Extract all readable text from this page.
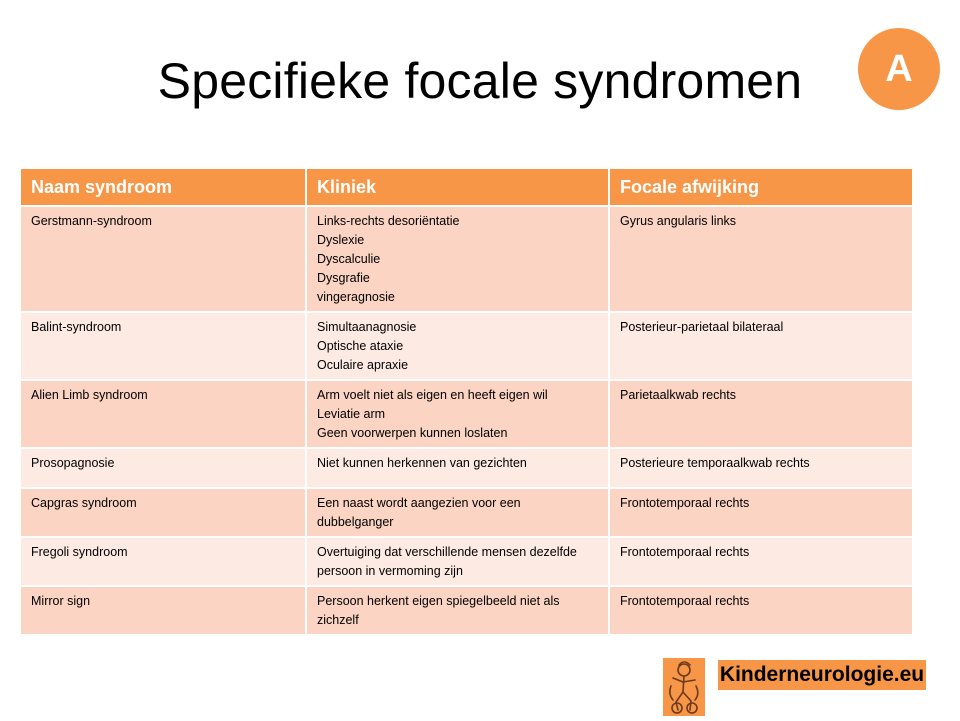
Specifieke focale syndromen	A
Naam syndroom	Kliniek	Focale afwijking
Gerstmann-syndroom	Links-rechts desoriëntatie
Dyslexie
Dyscalculie
Dysgrafie
vingeragnosie	Gyrus angularis links
Balint-syndroom	Simultaanagnosie
Optische ataxie
Oculaire apraxie	Posterieur-parietaal bilateraal
Alien Limb syndroom	Arm voelt niet als eigen en heeft eigen wil
Leviatie arm
Geen voorwerpen kunnen loslaten	Parietaalkwab rechts
Prosopagnosie	Niet kunnen herkennen van gezichten	Posterieure temporaalkwab rechts
Capgras syndroom	Een naast wordt aangezien voor een dubbelganger	Frontotemporaal rechts
Fregoli syndroom	Overtuiging dat verschillende mensen dezelfde persoon in vermoming zijn	Frontotemporaal rechts
Mirror sign	Persoon herkent eigen spiegelbeeld niet als zichzelf	Frontotemporaal rechts
Kinderneurologie.eu
